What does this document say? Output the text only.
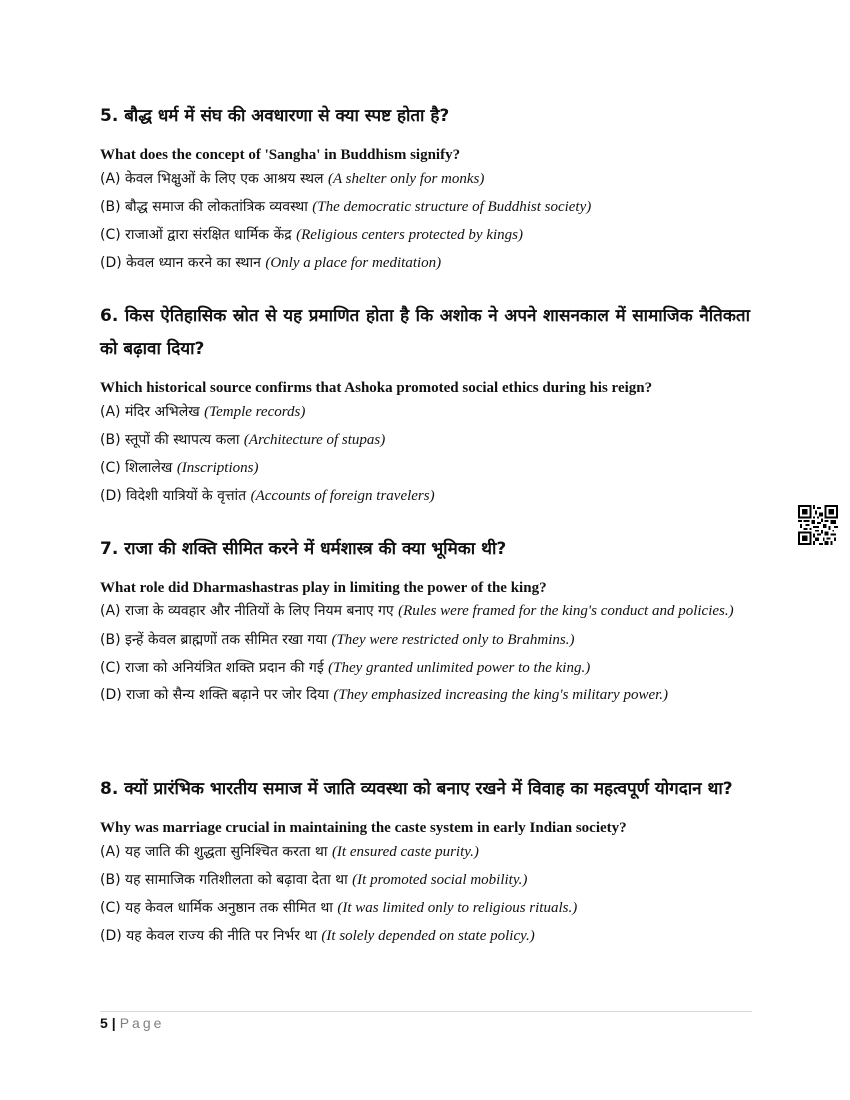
5. बौद्ध धर्म में संघ की अवधारणा से क्या स्पष्ट होता है?

What does the concept of 'Sangha' in Buddhism signify?
(A) केवल भिक्षुओं के लिए एक आश्रय स्थल (A shelter only for monks)
(B) बौद्ध समाज की लोकतांत्रिक व्यवस्था (The democratic structure of Buddhist society)
(C) राजाओं द्वारा संरक्षित धार्मिक केंद्र (Religious centers protected by kings)
(D) केवल ध्यान करने का स्थान (Only a place for meditation)

6. किस ऐतिहासिक स्रोत से यह प्रमाणित होता है कि अशोक ने अपने शासनकाल में सामाजिक नैतिकता को बढ़ावा दिया?

Which historical source confirms that Ashoka promoted social ethics during his reign?
(A) मंदिर अभिलेख (Temple records)
(B) स्तूपों की स्थापत्य कला (Architecture of stupas)
(C) शिलालेख (Inscriptions)
(D) विदेशी यात्रियों के वृत्तांत (Accounts of foreign travelers)

7. राजा की शक्ति सीमित करने में धर्मशास्त्र की क्या भूमिका थी?

What role did Dharmashastras play in limiting the power of the king?
(A) राजा के व्यवहार और नीतियों के लिए नियम बनाए गए (Rules were framed for the king's conduct and policies.)
(B) इन्हें केवल ब्राह्मणों तक सीमित रखा गया (They were restricted only to Brahmins.)
(C) राजा को अनियंत्रित शक्ति प्रदान की गई (They granted unlimited power to the king.)
(D) राजा को सैन्य शक्ति बढ़ाने पर जोर दिया (They emphasized increasing the king's military power.)

8. क्यों प्रारंभिक भारतीय समाज में जाति व्यवस्था को बनाए रखने में विवाह का महत्वपूर्ण योगदान था?

Why was marriage crucial in maintaining the caste system in early Indian society?
(A) यह जाति की शुद्धता सुनिश्चित करता था (It ensured caste purity.)
(B) यह सामाजिक गतिशीलता को बढ़ावा देता था (It promoted social mobility.)
(C) यह केवल धार्मिक अनुष्ठान तक सीमित था (It was limited only to religious rituals.)
(D) यह केवल राज्य की नीति पर निर्भर था (It solely depended on state policy.)
5 | Page
